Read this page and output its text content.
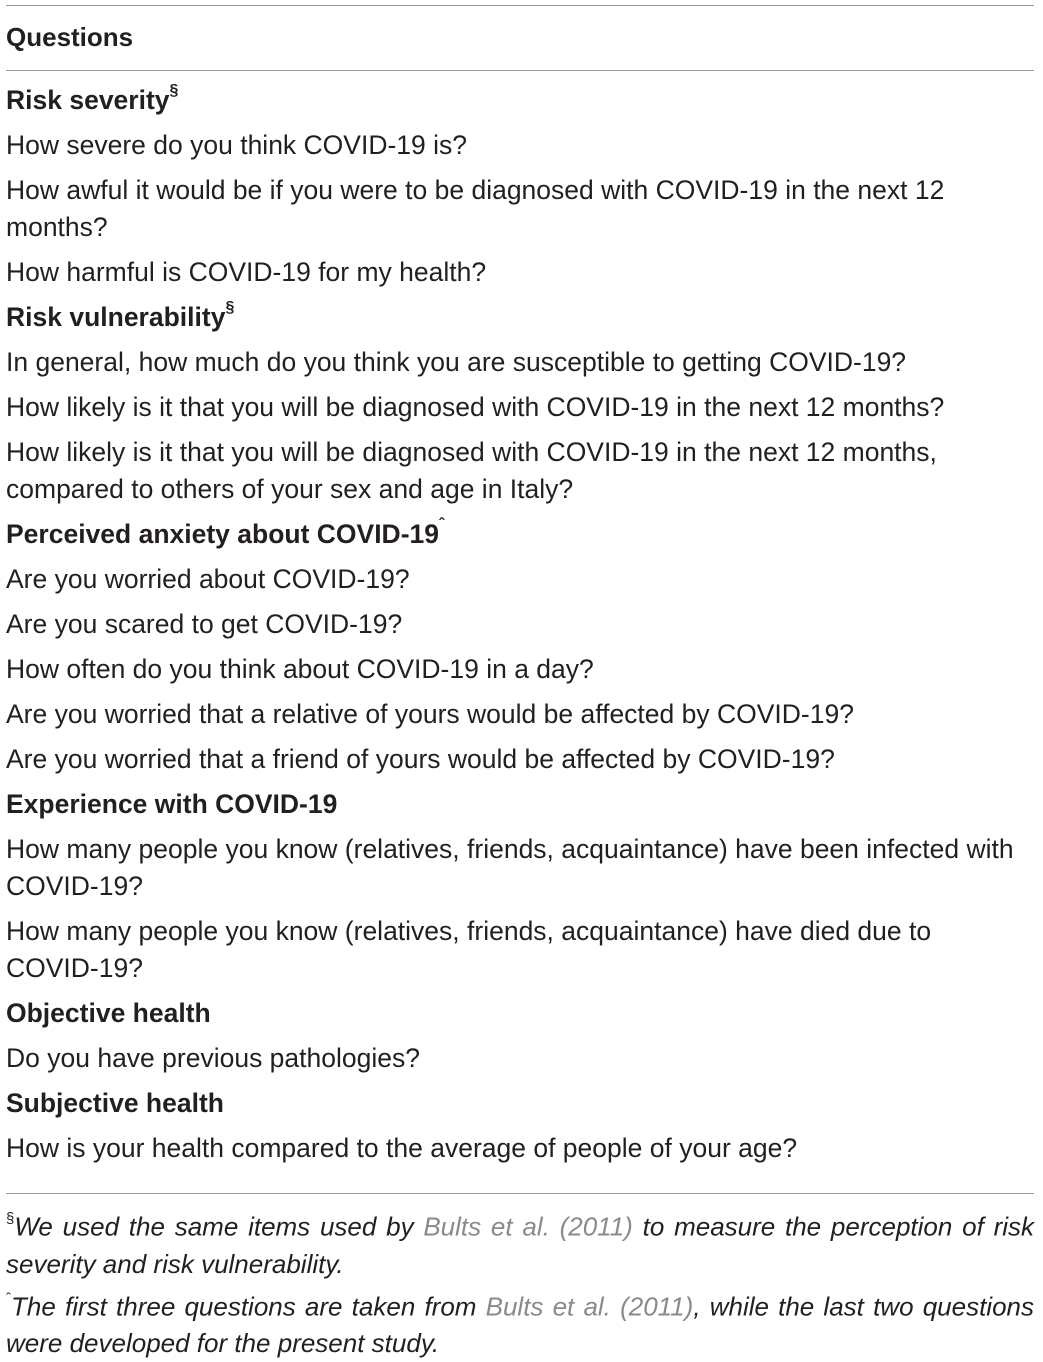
Questions
Risk severity§
How severe do you think COVID-19 is?
How awful it would be if you were to be diagnosed with COVID-19 in the next 12 months?
How harmful is COVID-19 for my health?
Risk vulnerability§
In general, how much do you think you are susceptible to getting COVID-19?
How likely is it that you will be diagnosed with COVID-19 in the next 12 months?
How likely is it that you will be diagnosed with COVID-19 in the next 12 months, compared to others of your sex and age in Italy?
Perceived anxiety about COVID-$19^ˆ$
Are you worried about COVID-19?
Are you scared to get COVID-19?
How often do you think about COVID-19 in a day?
Are you worried that a relative of yours would be affected by COVID-19?
Are you worried that a friend of yours would be affected by COVID-19?
Experience with COVID-19
How many people you know (relatives, friends, acquaintance) have been infected with COVID-19?
How many people you know (relatives, friends, acquaintance) have died due to COVID-19?
Objective health
Do you have previous pathologies?
Subjective health
How is your health compared to the average of people of your age?

§We used the same items used by Bults et al. (2011) to measure the perception of risk severity and risk vulnerability.

$^ˆ$The first three questions are taken from Bults et al. (2011), while the last two questions were developed for the present study.
